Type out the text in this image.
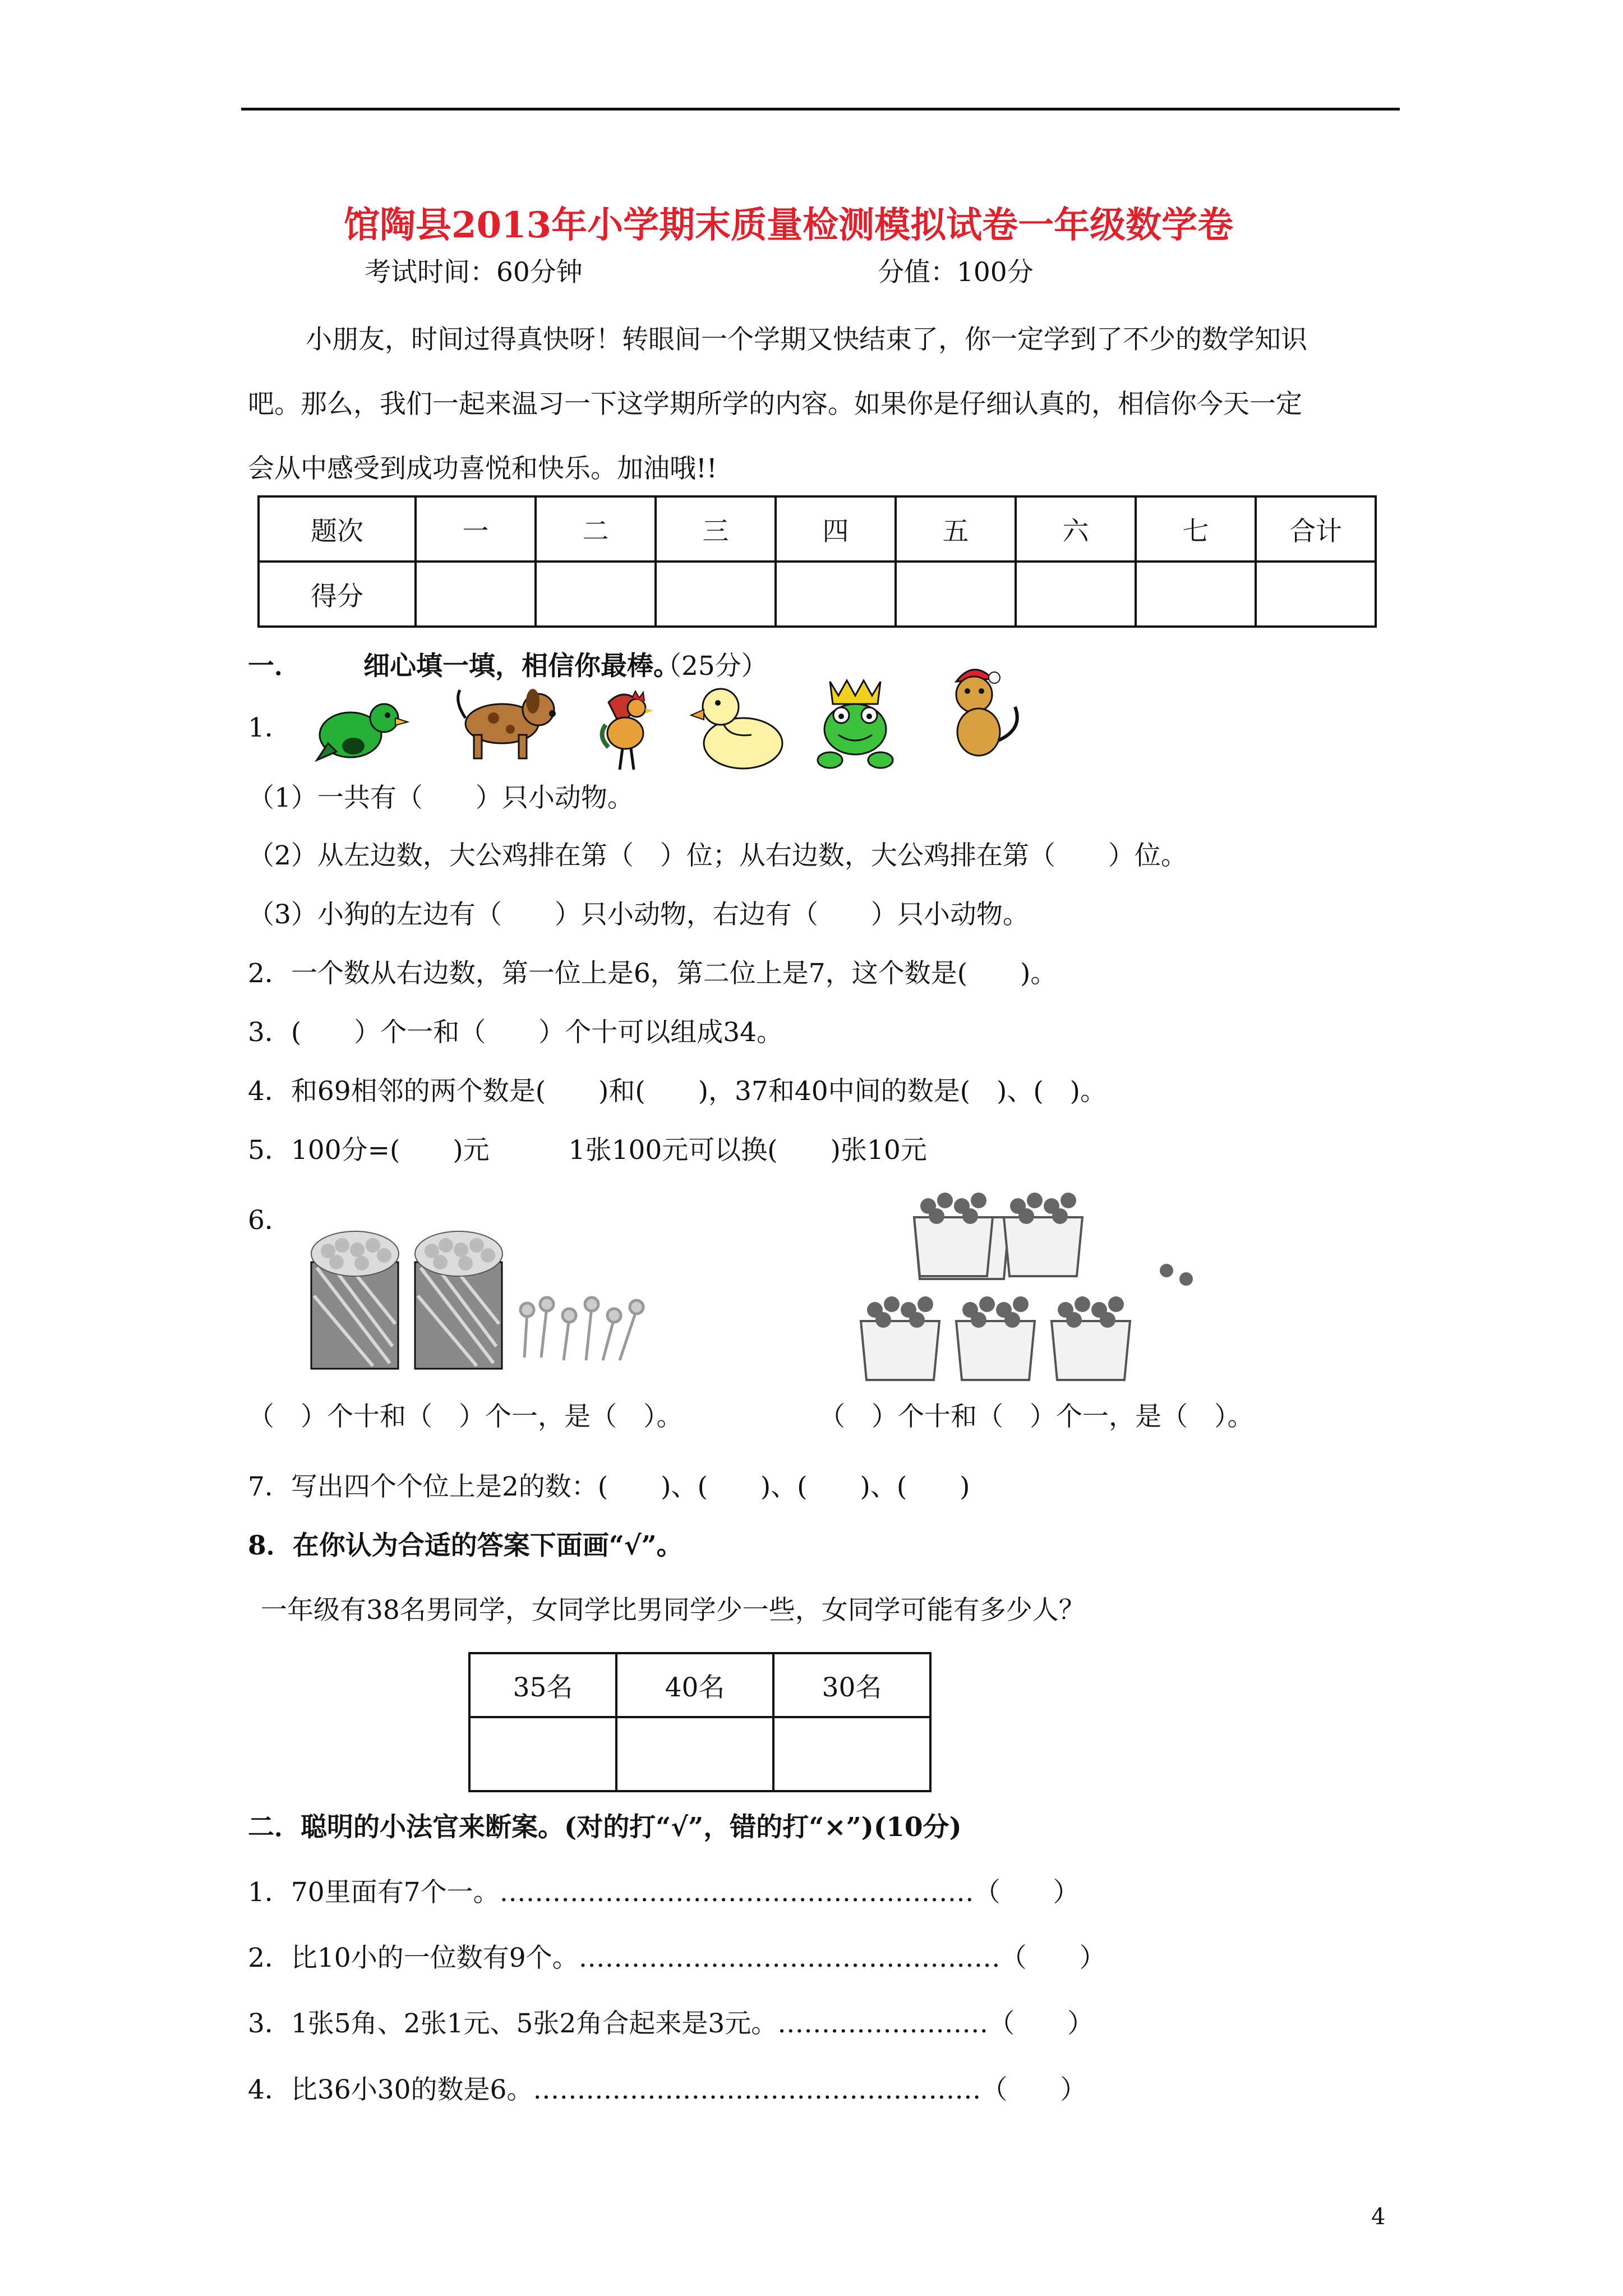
馆陶县2013年小学期末质量检测模拟试卷一年级数学卷
考试时间：60分钟	分值：100分
小朋友，时间过得真快呀！转眼间一个学期又快结束了，你一定学到了不少的数学知识
吧。那么，我们一起来温习一下这学期所学的内容。如果你是仔细认真的，相信你今天一定
会从中感受到成功喜悦和快乐。加油哦!!
题次	一	二	三	四	五	六	七	合计
得分								
一． 细心填一填，相信你最棒。
（25分）
1．
（1）一共有（　　）只小动物。
（2）从左边数，大公鸡排在第（　）位；从右边数，大公鸡排在第（　　）位。
（3）小狗的左边有（　　）只小动物，右边有（　　）只小动物。
2．一个数从右边数，第一位上是6，第二位上是7，这个数是(　　)。
3．(　　）个一和（　　）个十可以组成34。
4．和69相邻的两个数是(　　)和(　　)，37和40中间的数是(　)、(　)。
5．100分=(　　)元　　　1张100元可以换(　　)张10元
6．
（　）个十和（　）个一，是（　）。	（　）个十和（　）个一，是（　）。
7．写出四个个位上是2的数：(　　)、(　　)、(　　)、(　　)
8．在你认为合适的答案下面画“√”。
一年级有38名男同学，女同学比男同学少一些，女同学可能有多少人？
35名	40名	30名

二．聪明的小法官来断案。(对的打“√”，错的打“×”)(10分)
1．70里面有7个一。………………………………………………（　　）
2．比10小的一位数有9个。…………………………………………（　　）
3．1张5角、2张1元、5张2角合起来是3元。……………………（　　）
4．比36小30的数是6。……………………………………………（　　）
4
